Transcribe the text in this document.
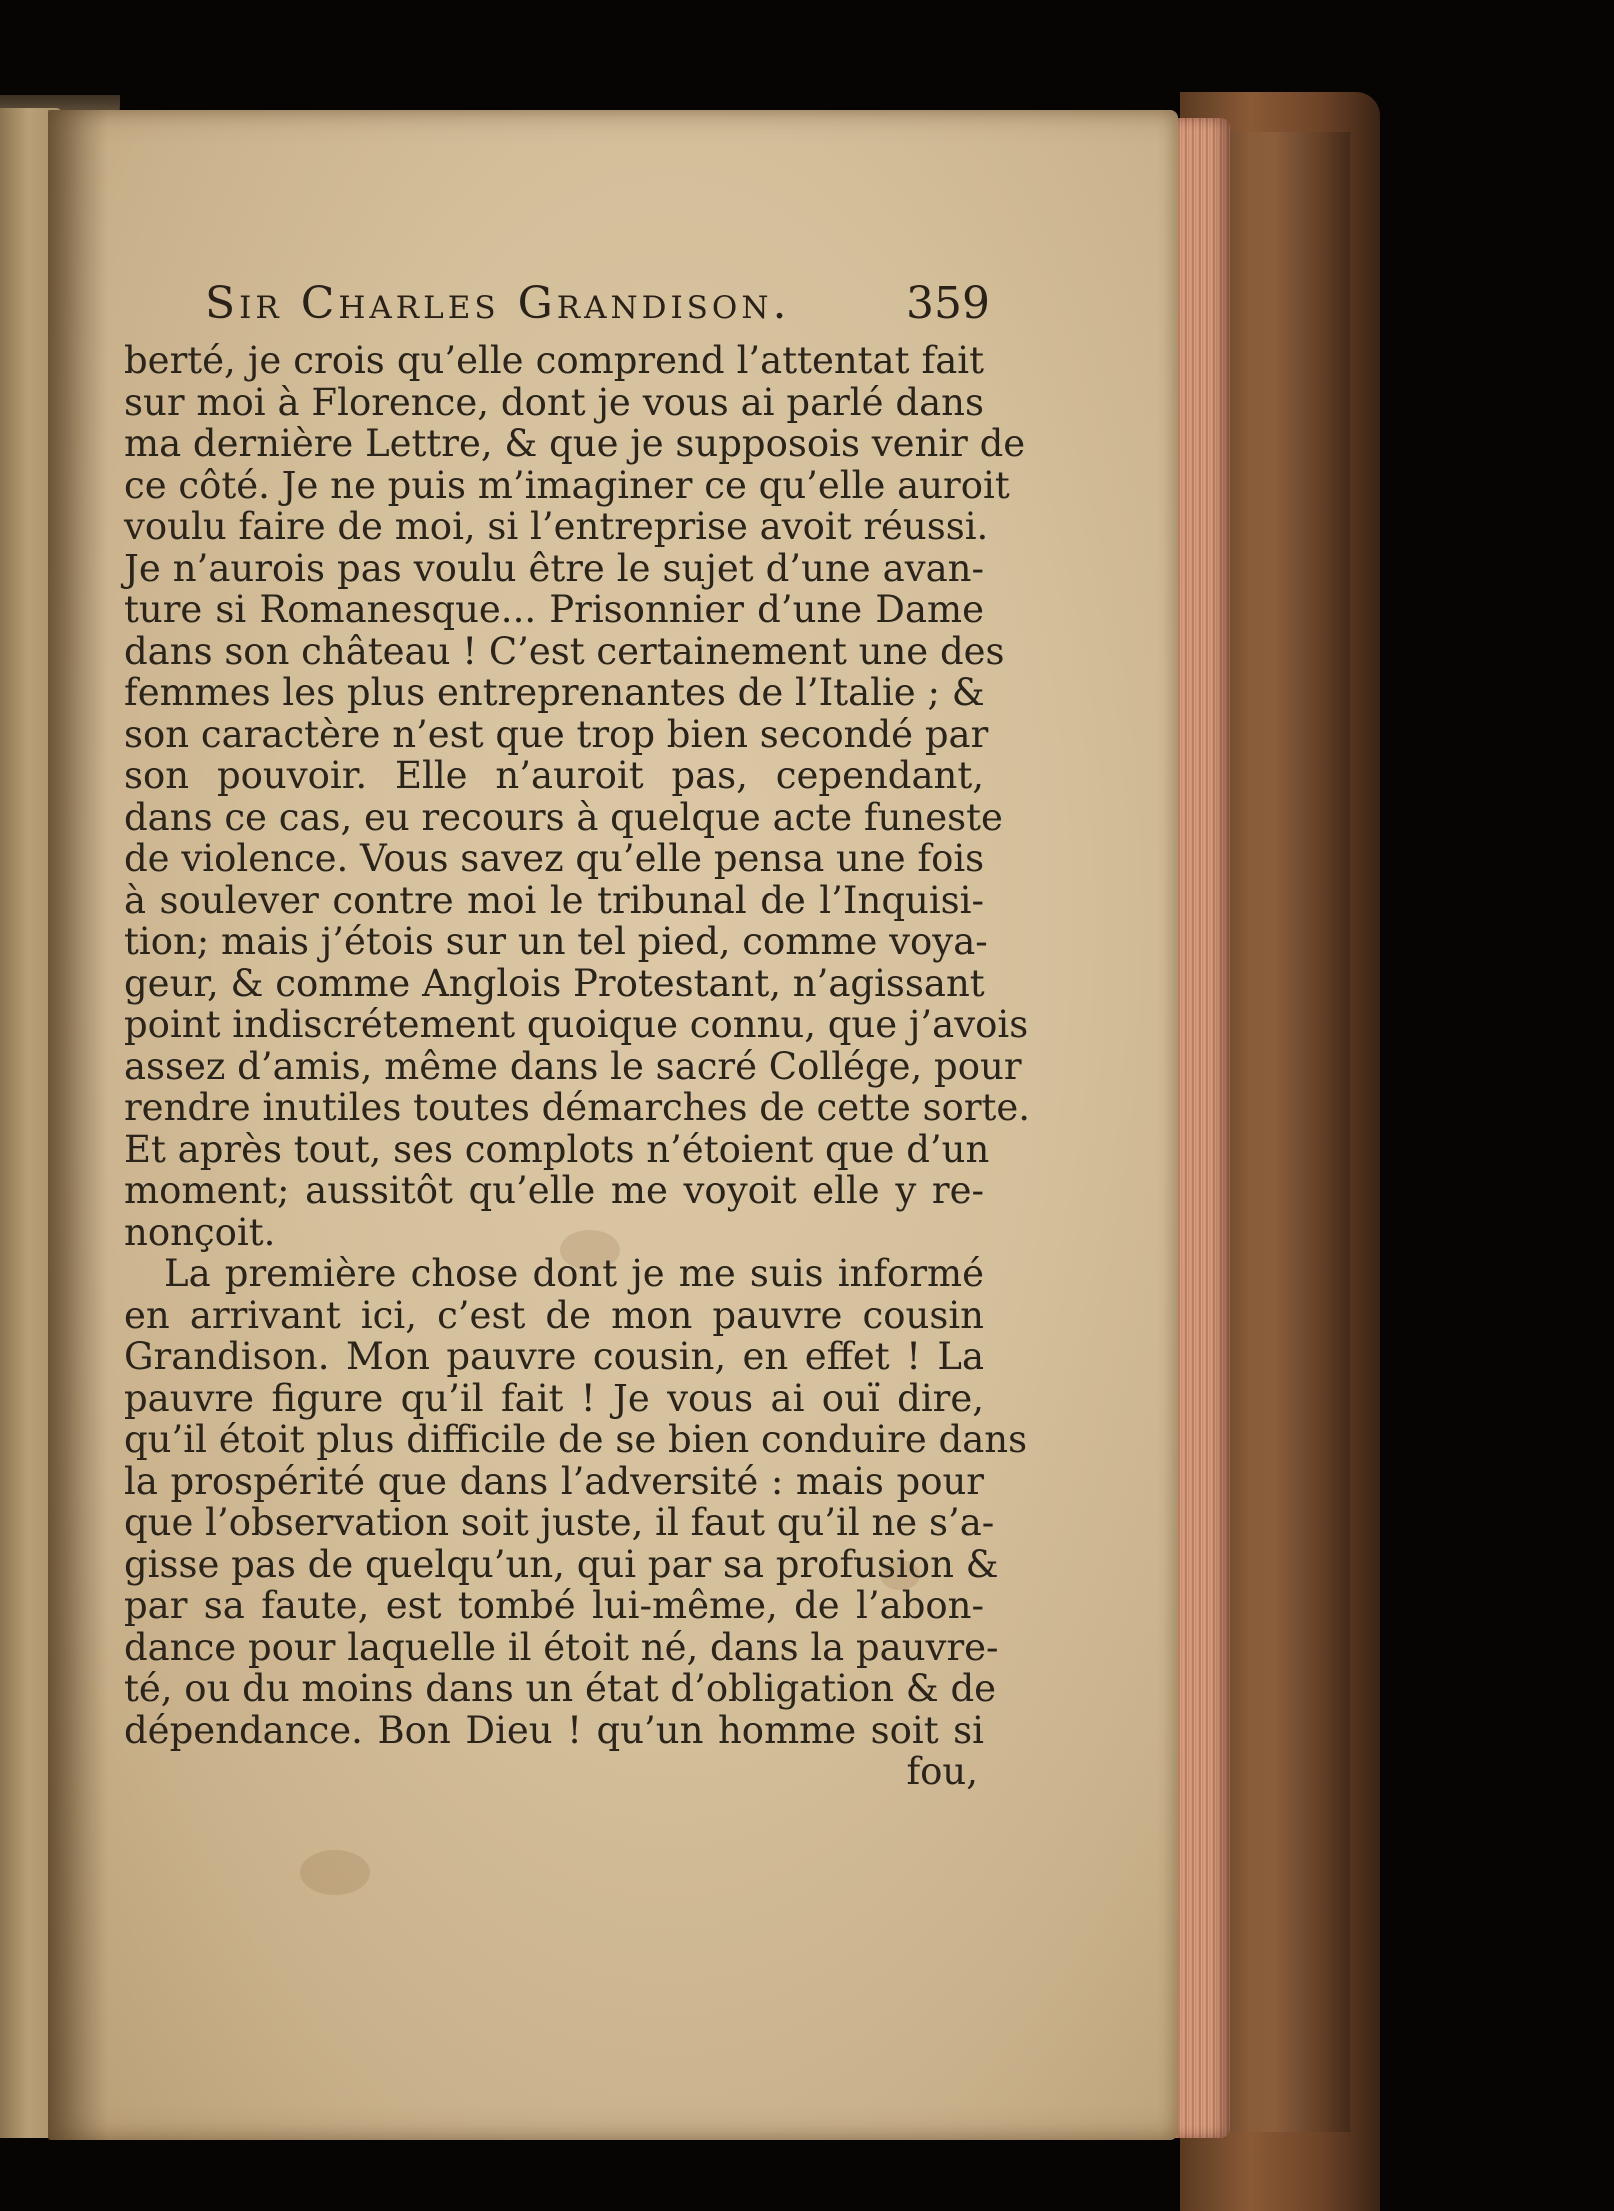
Sir Charles Grandison.	359
berté, je crois qu’elle comprend l’attentat fait
sur moi à Florence, dont je vous ai parlé dans
ma dernière Lettre, & que je supposois venir de
ce côté. Je ne puis m’imaginer ce qu’elle auroit
voulu faire de moi, si l’entreprise avoit réussi.
Je n’aurois pas voulu être le sujet d’une avan-
ture si Romanesque... Prisonnier d’une Dame
dans son château ! C’est certainement une des
femmes les plus entreprenantes de l’Italie ; &
son caractère n’est que trop bien secondé par
son pouvoir. Elle n’auroit pas, cependant,
dans ce cas, eu recours à quelque acte funeste
de violence. Vous savez qu’elle pensa une fois
à soulever contre moi le tribunal de l’Inquisi-
tion; mais j’étois sur un tel pied, comme voya-
geur, & comme Anglois Protestant, n’agissant
point indiscrétement quoique connu, que j’avois
assez d’amis, même dans le sacré Collége, pour
rendre inutiles toutes démarches de cette sorte.
Et après tout, ses complots n’étoient que d’un
moment; aussitôt qu’elle me voyoit elle y re-
nonçoit.
La première chose dont je me suis informé
en arrivant ici, c’est de mon pauvre cousin
Grandison. Mon pauvre cousin, en effet ! La
pauvre figure qu’il fait ! Je vous ai ouï dire,
qu’il étoit plus difficile de se bien conduire dans
la prospérité que dans l’adversité : mais pour
que l’observation soit juste, il faut qu’il ne s’a-
gisse pas de quelqu’un, qui par sa profusion &
par sa faute, est tombé lui-même, de l’abon-
dance pour laquelle il étoit né, dans la pauvre-
té, ou du moins dans un état d’obligation & de
dépendance. Bon Dieu ! qu’un homme soit si
fou,
